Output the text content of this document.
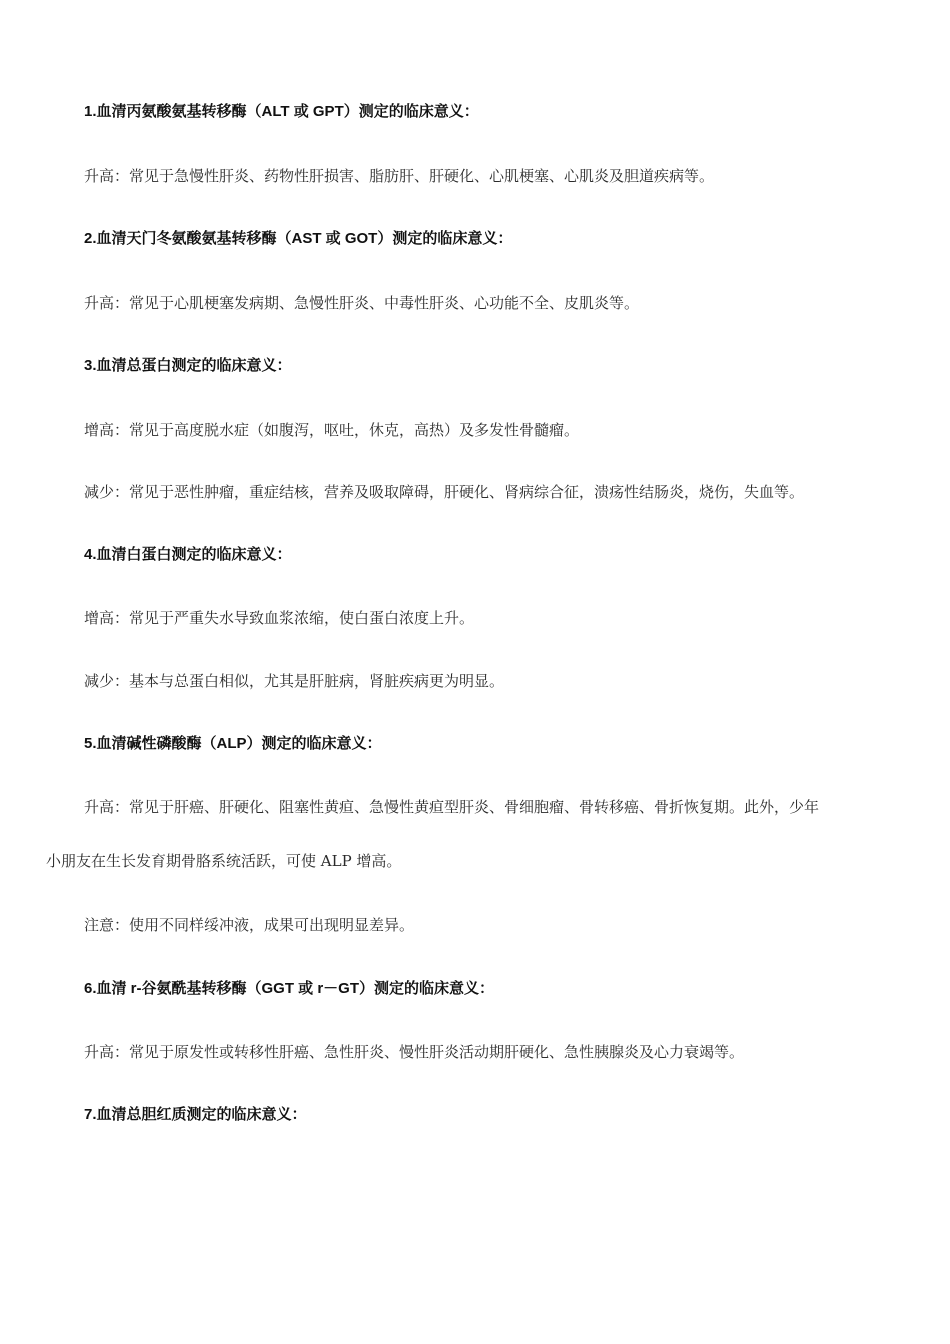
1.血清丙氨酸氨基转移酶（ALT 或 GPT）测定的临床意义：
升高：常见于急慢性肝炎、药物性肝损害、脂肪肝、肝硬化、心肌梗塞、心肌炎及胆道疾病等。
2.血清天门冬氨酸氨基转移酶（AST 或 GOT）测定的临床意义：
升高：常见于心肌梗塞发病期、急慢性肝炎、中毒性肝炎、心功能不全、皮肌炎等。
3.血清总蛋白测定的临床意义：
增高：常见于高度脱水症（如腹泻，呕吐，休克，高热）及多发性骨髓瘤。
减少：常见于恶性肿瘤，重症结核，营养及吸取障碍，肝硬化、肾病综合征，溃疡性结肠炎，烧伤，失血等。
4.血清白蛋白测定的临床意义：
增高：常见于严重失水导致血浆浓缩，使白蛋白浓度上升。
减少：基本与总蛋白相似，尤其是肝脏病，肾脏疾病更为明显。
5.血清碱性磷酸酶（ALP）测定的临床意义：
升高：常见于肝癌、肝硬化、阻塞性黄疸、急慢性黄疸型肝炎、骨细胞瘤、骨转移癌、骨折恢复期。此外，少年
小朋友在生长发育期骨胳系统活跃，可使 ALP 增高。
注意：使用不同样绥冲液，成果可出现明显差异。
6.血清 r-谷氨酰基转移酶（GGT 或 r－GT）测定的临床意义：
升高：常见于原发性或转移性肝癌、急性肝炎、慢性肝炎活动期肝硬化、急性胰腺炎及心力衰竭等。
7.血清总胆红质测定的临床意义：
